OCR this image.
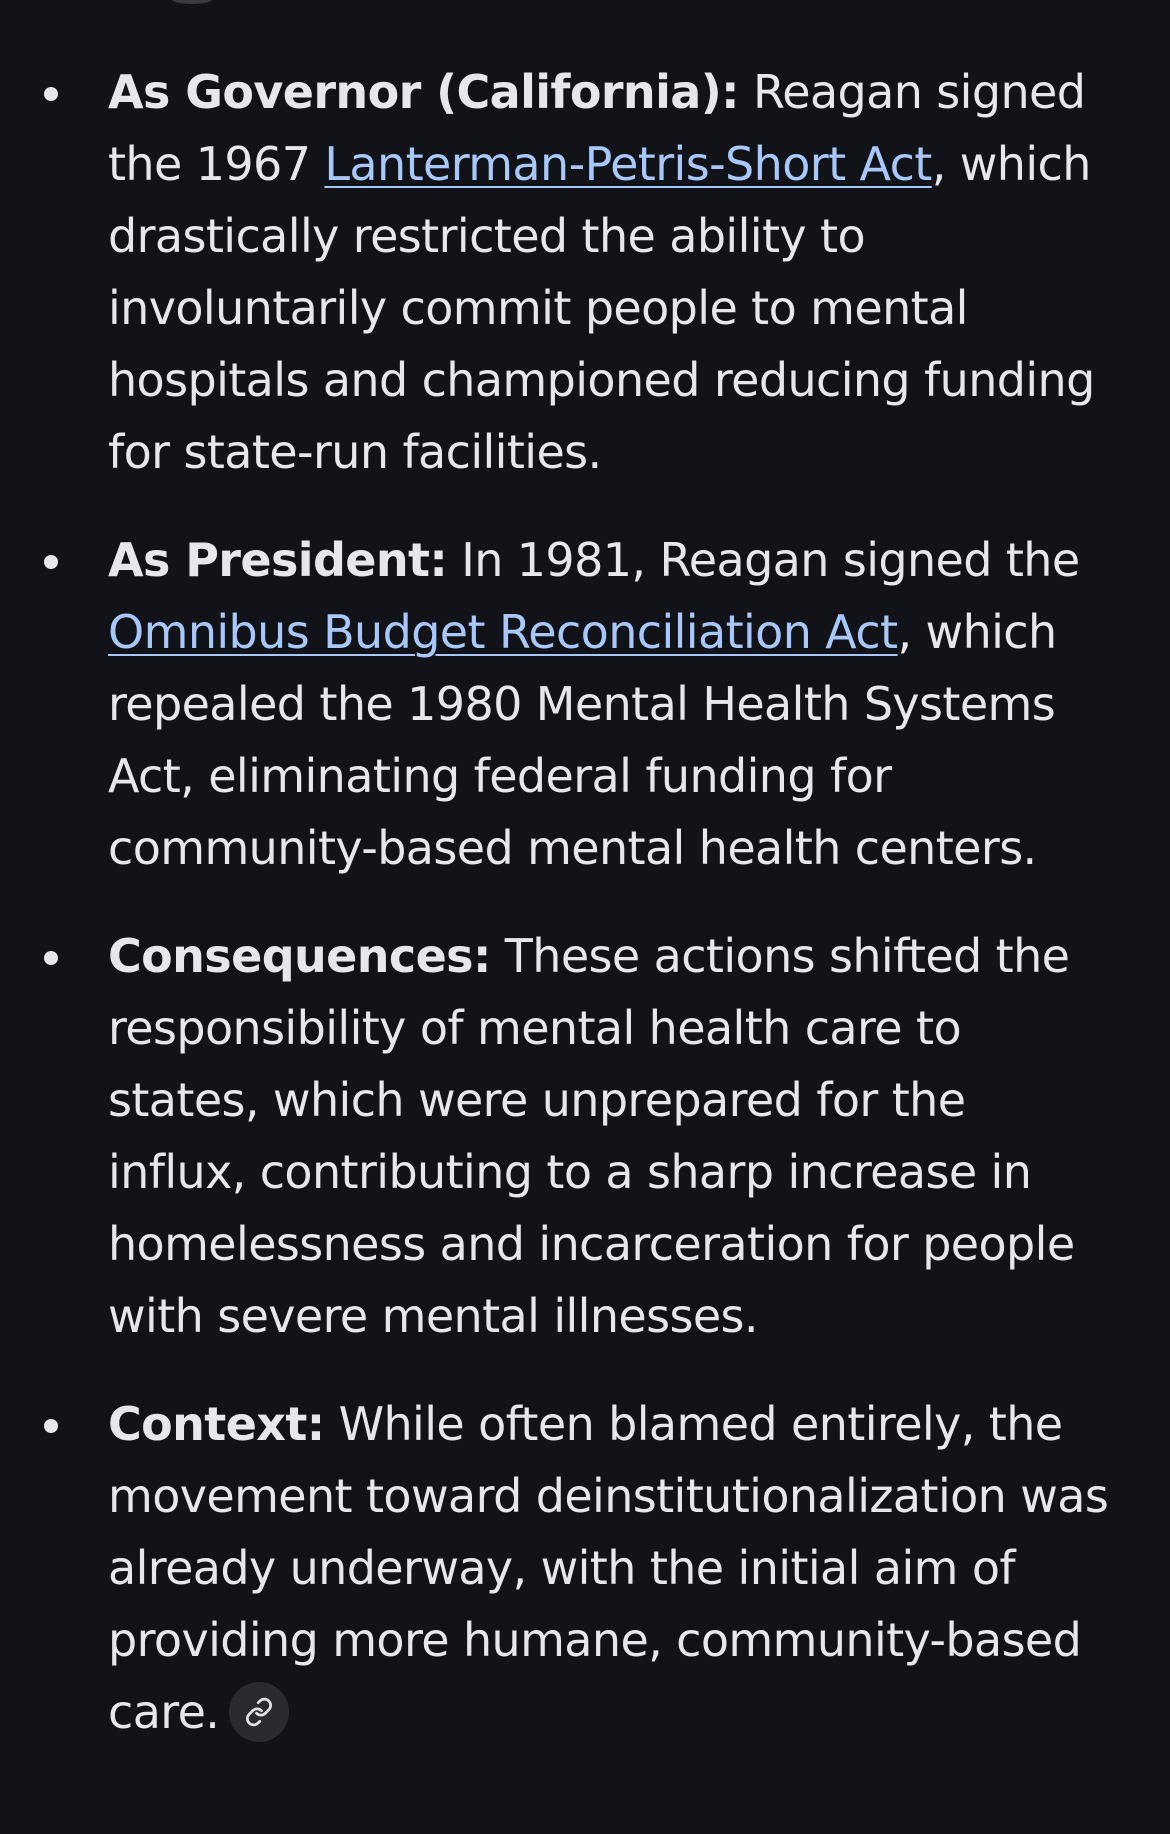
As Governor (California): Reagan signed the 1967 Lanterman-Petris-Short Act, which drastically restricted the ability to involuntarily commit people to mental hospitals and championed reducing funding for state-run facilities.
As President: In 1981, Reagan signed the Omnibus Budget Reconciliation Act, which repealed the 1980 Mental Health Systems Act, eliminating federal funding for community-based mental health centers.
Consequences: These actions shifted the responsibility of mental health care to states, which were unprepared for the influx, contributing to a sharp increase in homelessness and incarceration for people with severe mental illnesses.
Context: While often blamed entirely, the movement toward deinstitutionalization was already underway, with the initial aim of providing more humane, community-based care.
